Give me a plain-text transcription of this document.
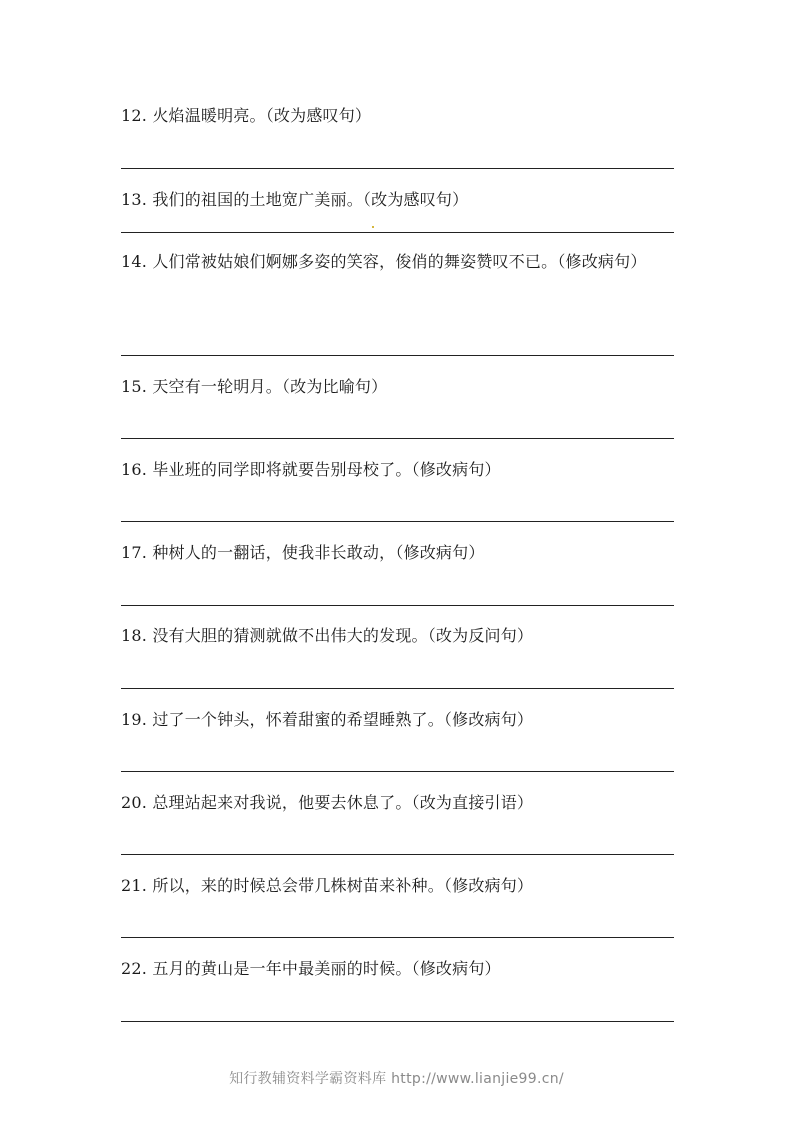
12. 火焰温暖明亮。（改为感叹句）
13. 我们的祖国的土地宽广美丽。（改为感叹句）
14. 人们常被姑娘们婀娜多姿的笑容，俊俏的舞姿赞叹不已。（修改病句）
15. 天空有一轮明月。（改为比喻句）
16. 毕业班的同学即将就要告别母校了。（修改病句）
17. 种树人的一翻话，使我非长敢动，（修改病句）
18. 没有大胆的猜测就做不出伟大的发现。（改为反问句）
19. 过了一个钟头，怀着甜蜜的希望睡熟了。（修改病句）
20. 总理站起来对我说，他要去休息了。（改为直接引语）
21. 所以，来的时候总会带几株树苗来补种。（修改病句）
22. 五月的黄山是一年中最美丽的时候。（修改病句）
知行教辅资料学霸资料库 http://www.lianjie99.cn/
